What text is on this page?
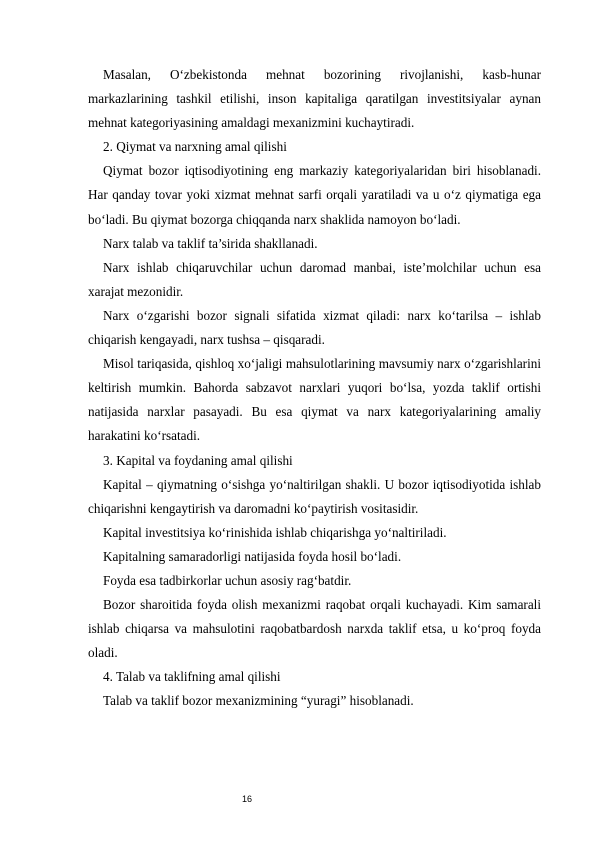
Masalan, O‘zbekistonda mehnat bozorining rivojlanishi, kasb-hunar markazlarining tashkil etilishi, inson kapitaliga qaratilgan investitsiyalar aynan mehnat kategoriyasining amaldagi mexanizmini kuchaytiradi.

2. Qiymat va narxning amal qilishi

Qiymat bozor iqtisodiyotining eng markaziy kategoriyalaridan biri hisoblanadi. Har qanday tovar yoki xizmat mehnat sarfi orqali yaratiladi va u o‘z qiymatiga ega bo‘ladi. Bu qiymat bozorga chiqqanda narx shaklida namoyon bo‘ladi.

Narx talab va taklif ta’sirida shakllanadi.

Narx ishlab chiqaruvchilar uchun daromad manbai, iste’molchilar uchun esa xarajat mezonidir.

Narx o‘zgarishi bozor signali sifatida xizmat qiladi: narx ko‘tarilsa – ishlab chiqarish kengayadi, narx tushsa – qisqaradi.

Misol tariqasida, qishloq xo‘jaligi mahsulotlarining mavsumiy narx o‘zgarishlarini keltirish mumkin. Bahorda sabzavot narxlari yuqori bo‘lsa, yozda taklif ortishi natijasida narxlar pasayadi. Bu esa qiymat va narx kategoriyalarining amaliy harakatini ko‘rsatadi.

3. Kapital va foydaning amal qilishi

Kapital – qiymatning o‘sishga yo‘naltirilgan shakli. U bozor iqtisodiyotida ishlab chiqarishni kengaytirish va daromadni ko‘paytirish vositasidir.

Kapital investitsiya ko‘rinishida ishlab chiqarishga yo‘naltiriladi.

Kapitalning samaradorligi natijasida foyda hosil bo‘ladi.

Foyda esa tadbirkorlar uchun asosiy rag‘batdir.

Bozor sharoitida foyda olish mexanizmi raqobat orqali kuchayadi. Kim samarali ishlab chiqarsa va mahsulotini raqobatbardosh narxda taklif etsa, u ko‘proq foyda oladi.

4. Talab va taklifning amal qilishi

Talab va taklif bozor mexanizmining “yuragi” hisoblanadi.

16
